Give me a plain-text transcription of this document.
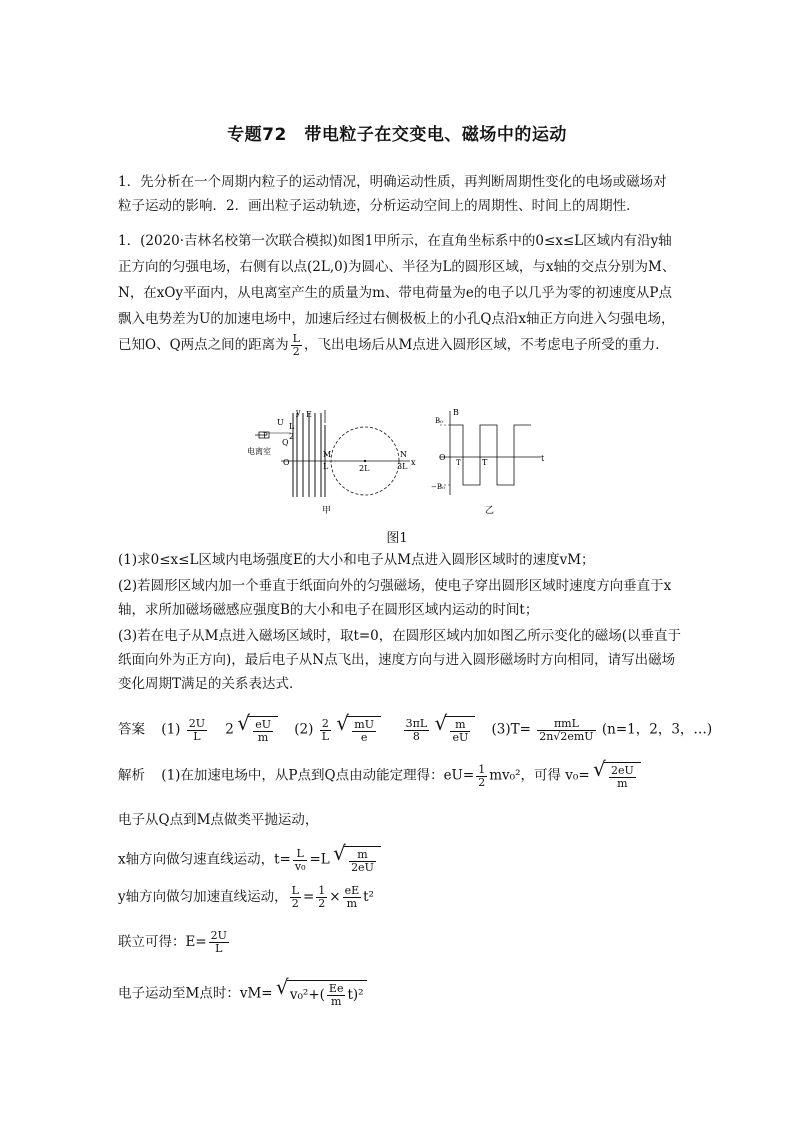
专题72　带电粒子在交变电、磁场中的运动
1．先分析在一个周期内粒子的运动情况，明确运动性质，再判断周期性变化的电场或磁场对粒子运动的影响．2．画出粒子运动轨迹，分析运动空间上的周期性、时间上的周期性．
1．(2020·吉林名校第一次联合模拟)如图1甲所示，在直角坐标系中的0≤x≤L区域内有沿y轴正方向的匀强电场，右侧有以点(2L,0)为圆心、半径为L的圆形区域，与x轴的交点分别为M、N，在xOy平面内，从电离室产生的质量为m、带电荷量为e的电子以几乎为零的初速度从P点飘入电势差为U的加速电场中，加速后经过右侧极板上的小孔Q点沿x轴正方向进入匀强电场，已知O、Q两点之间的距离为 $\frac{L}{2}$ ，飞出电场后从M点进入圆形区域，不考虑电子所受的重力．
y E
U
P
L
2
Q
电离室
O
M
L	2L
N
3L x
甲
B
B₀
O
T	T	t
−B₀
乙
图1
(1)求0≤x≤L区域内电场强度E的大小和电子从M点进入圆形区域时的速度vM；
(2)若圆形区域内加一个垂直于纸面向外的匀强磁场，使电子穿出圆形区域时速度方向垂直于x轴，求所加磁场磁感应强度B的大小和电子在圆形区域内运动的时间t；
(3)若在电子从M点进入磁场区域时，取t=0，在圆形区域内加如图乙所示变化的磁场(以垂直于纸面向外为正方向)，最后电子从N点飞出，速度方向与进入圆形磁场时方向相同，请写出磁场变化周期T满足的关系表达式．
答案 $(1) \frac{2U}{L} 2$ √ $\frac{eU}{m} (2) \frac{2}{L}$
√ $\frac{mU}{e}$
	$\frac{3\pi L}{8}$
√ $\frac{m}{eU} (3)T= \frac{\text{πmL}}{\text{2n√2emU}} (n=1$，2，3，…)
解析 (1)在加速电场中，从P点到Q点由动能定理得：$eU= \frac{1}{2} mv_0^2$，可得 v₀= √ $\frac{2eU}{m}$
电子从Q点到M点做类平抛运动，
x轴方向做匀速直线运动，$t= \frac{L}{\text{v₀}} =L$ √ $\frac{m}{2eU}$
y轴方向做匀加速直线运动， $\frac{L}{2} = \frac{1}{2} \times \frac{eE}{m} t^2$
联立可得：$E= \frac{2U}{L}$
电子运动至M点时：vM= √ $v_0^2+( \frac{Ee}{m} t)^2$
